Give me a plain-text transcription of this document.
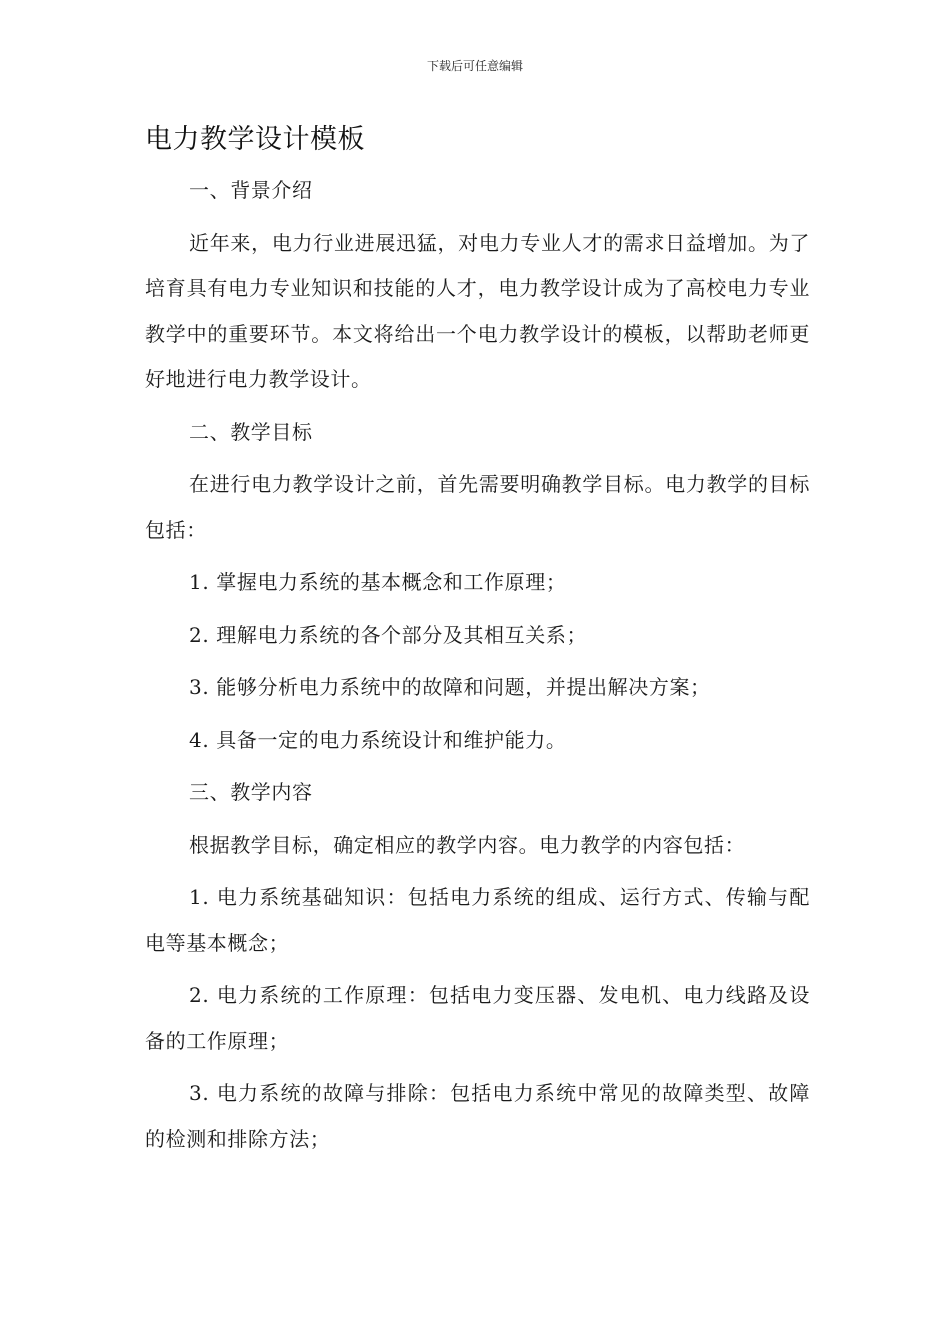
下载后可任意编辑
电力教学设计模板

一、背景介绍

近年来，电力行业进展迅猛，对电力专业人才的需求日益增加。为了培育具有电力专业知识和技能的人才，电力教学设计成为了高校电力专业教学中的重要环节。本文将给出一个电力教学设计的模板，以帮助老师更好地进行电力教学设计。

二、教学目标

在进行电力教学设计之前，首先需要明确教学目标。电力教学的目标包括：

1. 掌握电力系统的基本概念和工作原理；

2. 理解电力系统的各个部分及其相互关系；

3. 能够分析电力系统中的故障和问题，并提出解决方案；

4. 具备一定的电力系统设计和维护能力。

三、教学内容

根据教学目标，确定相应的教学内容。电力教学的内容包括：

1. 电力系统基础知识：包括电力系统的组成、运行方式、传输与配电等基本概念；

2. 电力系统的工作原理：包括电力变压器、发电机、电力线路及设备的工作原理；

3. 电力系统的故障与排除：包括电力系统中常见的故障类型、故障的检测和排除方法；
